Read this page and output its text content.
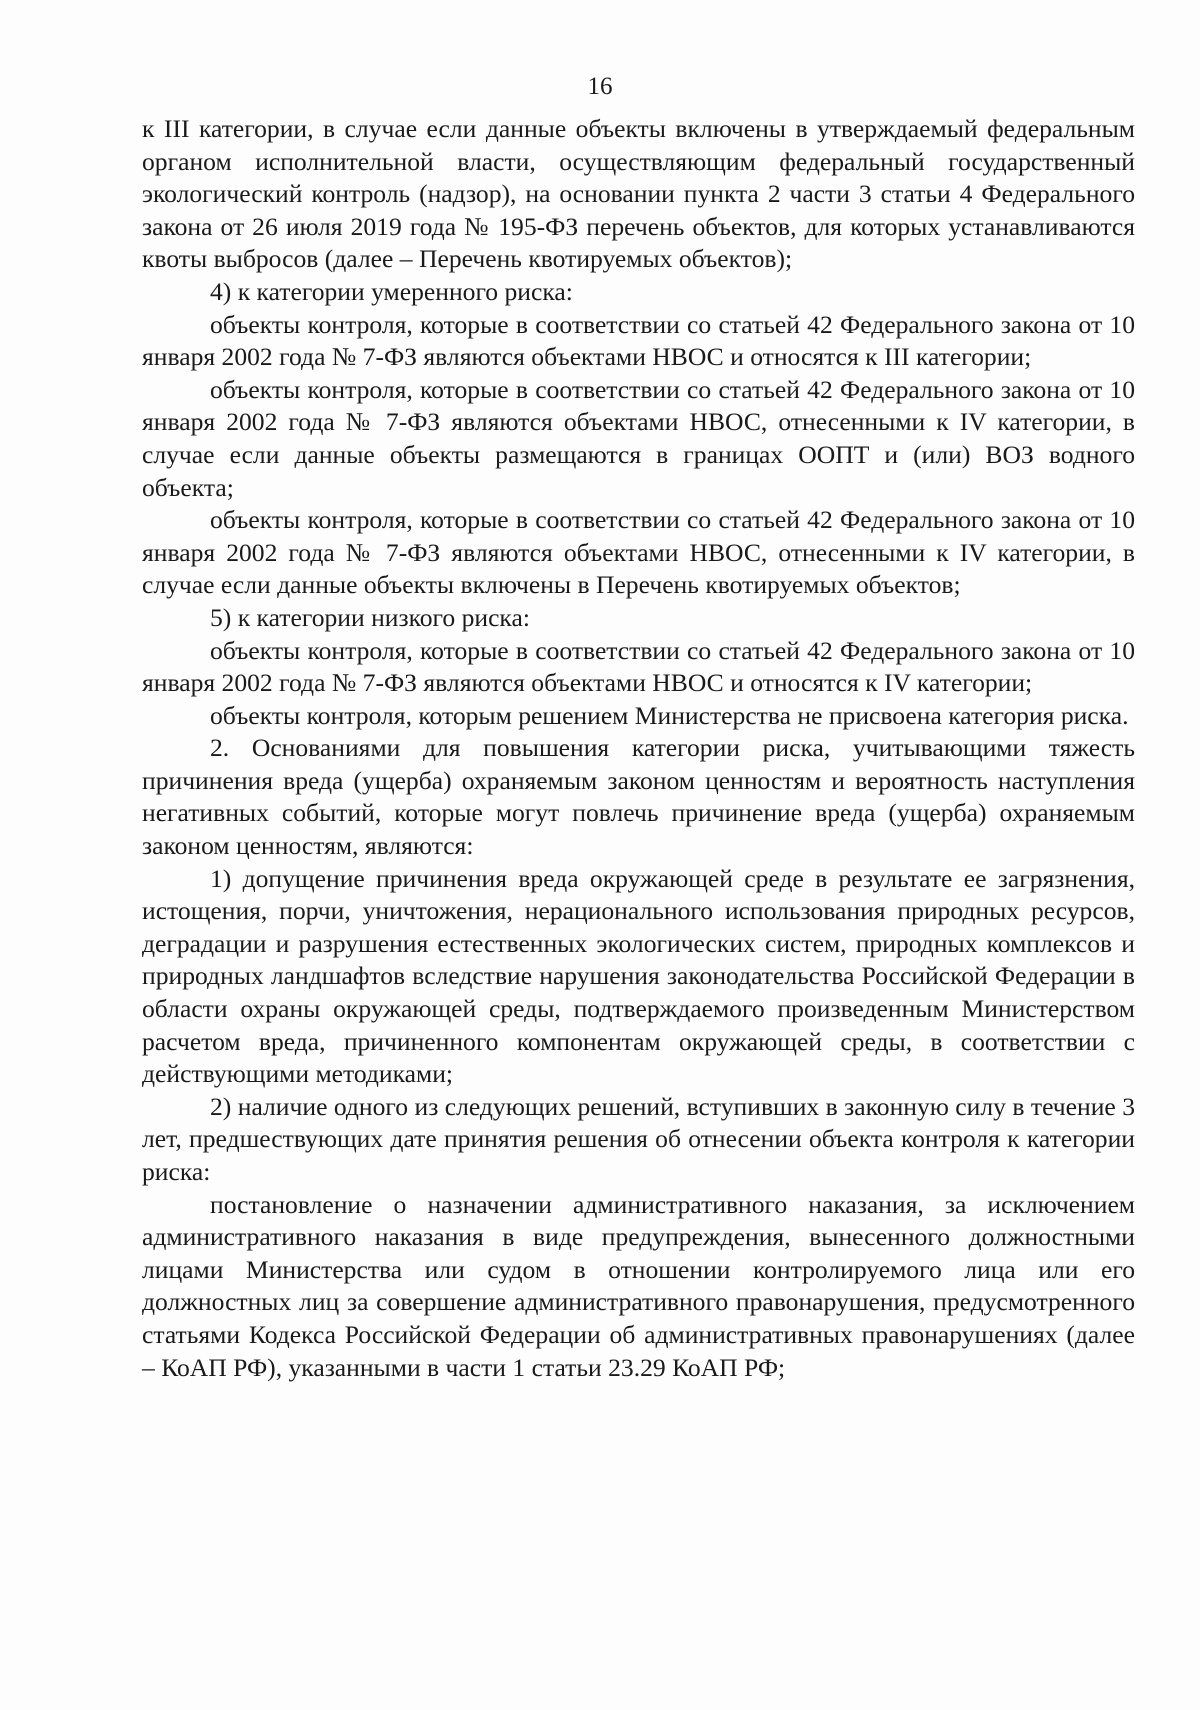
16

к III категории, в случае если данные объекты включены в утверждаемый федеральным органом исполнительной власти, осуществляющим федеральный государственный экологический контроль (надзор), на основании пункта 2 части 3 статьи 4 Федерального закона от 26 июля 2019 года № 195-ФЗ перечень объектов, для которых устанавливаются квоты выбросов (далее – Перечень квотируемых объектов);

4) к категории умеренного риска:

объекты контроля, которые в соответствии со статьей 42 Федерального закона от 10 января 2002 года № 7-ФЗ являются объектами НВОС и относятся к III категории;

объекты контроля, которые в соответствии со статьей 42 Федерального закона от 10 января 2002 года № 7-ФЗ являются объектами НВОС, отнесенными к IV категории, в случае если данные объекты размещаются в границах ООПТ и (или) ВОЗ водного объекта;

объекты контроля, которые в соответствии со статьей 42 Федерального закона от 10 января 2002 года № 7-ФЗ являются объектами НВОС, отнесенными к IV категории, в случае если данные объекты включены в Перечень квотируемых объектов;

5) к категории низкого риска:

объекты контроля, которые в соответствии со статьей 42 Федерального закона от 10 января 2002 года № 7-ФЗ являются объектами НВОС и относятся к IV категории;

объекты контроля, которым решением Министерства не присвоена категория риска.

2. Основаниями для повышения категории риска, учитывающими тяжесть причинения вреда (ущерба) охраняемым законом ценностям и вероятность наступления негативных событий, которые могут повлечь причинение вреда (ущерба) охраняемым законом ценностям, являются:

1) допущение причинения вреда окружающей среде в результате ее загрязнения, истощения, порчи, уничтожения, нерационального использования природных ресурсов, деградации и разрушения естественных экологических систем, природных комплексов и природных ландшафтов вследствие нарушения законодательства Российской Федерации в области охраны окружающей среды, подтверждаемого произведенным Министерством расчетом вреда, причиненного компонентам окружающей среды, в соответствии с действующими методиками;

2) наличие одного из следующих решений, вступивших в законную силу в течение 3 лет, предшествующих дате принятия решения об отнесении объекта контроля к категории риска:

постановление о назначении административного наказания, за исключением административного наказания в виде предупреждения, вынесенного должностными лицами Министерства или судом в отношении контролируемого лица или его должностных лиц за совершение административного правонарушения, предусмотренного статьями Кодекса Российской Федерации об административных правонарушениях (далее – КоАП РФ), указанными в части 1 статьи 23.29 КоАП РФ;
